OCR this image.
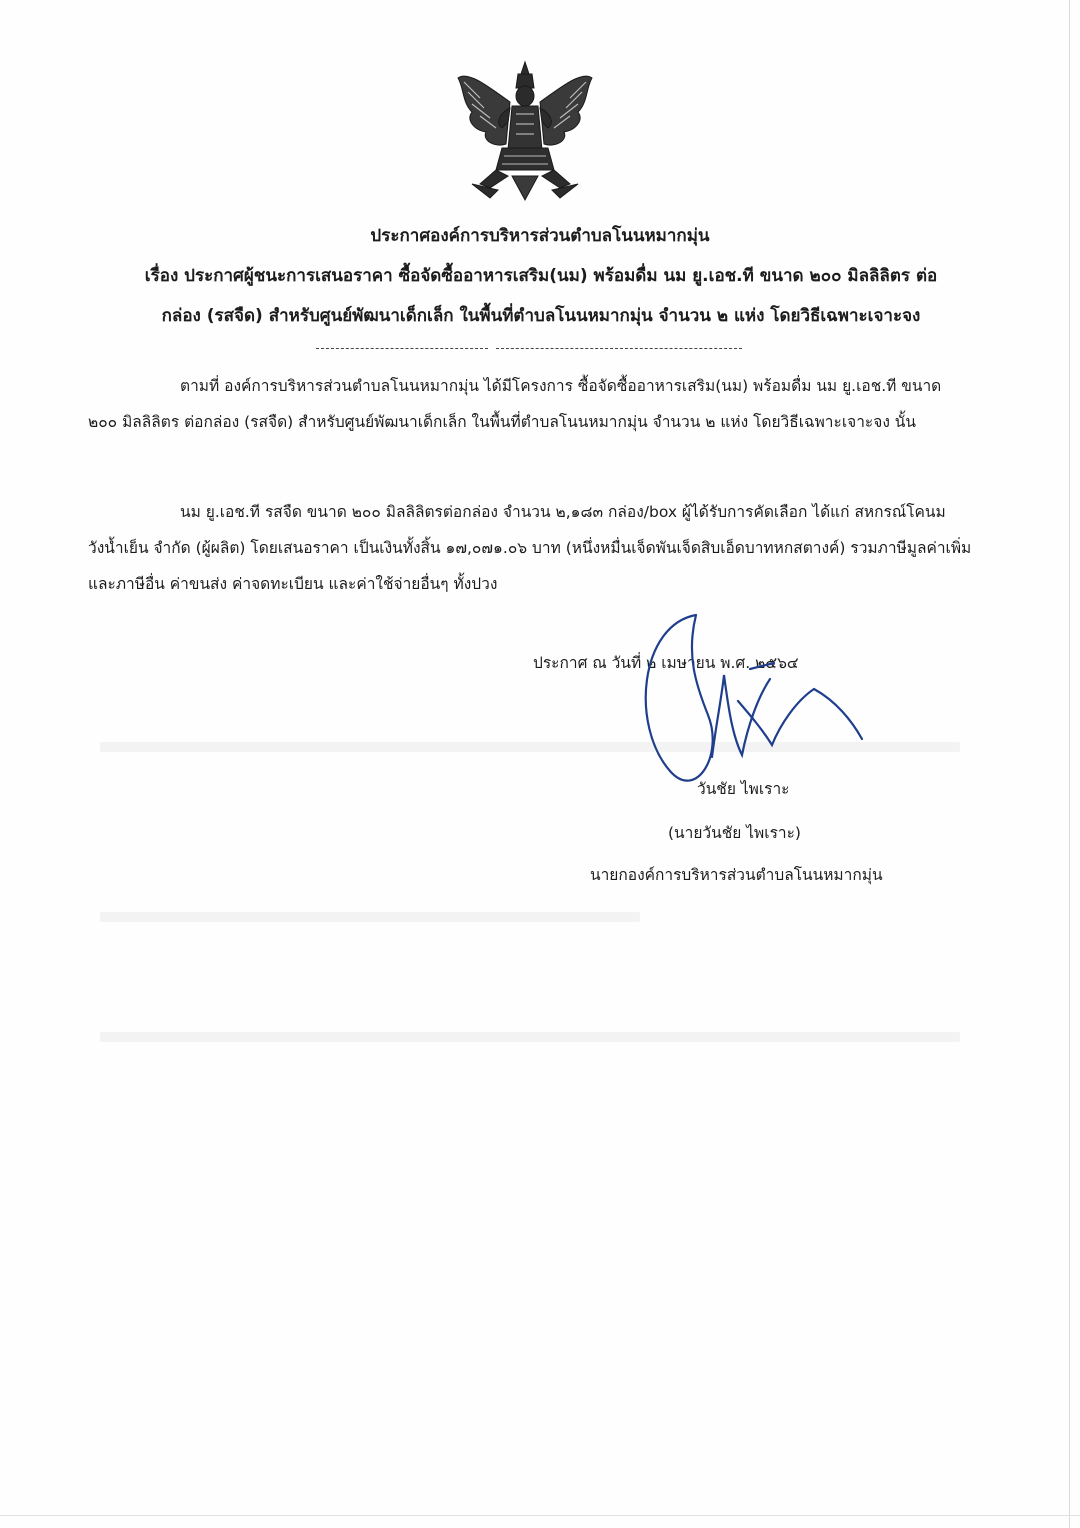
ประกาศองค์การบริหารส่วนตำบลโนนหมากมุ่น
เรื่อง ประกาศผู้ชนะการเสนอราคา ซื้อจัดซื้ออาหารเสริม(นม) พร้อมดื่ม นม ยู.เอช.ที ขนาด ๒๐๐ มิลลิลิตร ต่อ
กล่อง (รสจืด) สำหรับศูนย์พัฒนาเด็กเล็ก ในพื้นที่ตำบลโนนหมากมุ่น จำนวน ๒ แห่ง โดยวิธีเฉพาะเจาะจง
ตามที่ องค์การบริหารส่วนตำบลโนนหมากมุ่น ได้มีโครงการ ซื้อจัดซื้ออาหารเสริม(นม) พร้อมดื่ม นม ยู.เอช.ที ขนาด ๒๐๐ มิลลิลิตร ต่อกล่อง (รสจืด) สำหรับศูนย์พัฒนาเด็กเล็ก ในพื้นที่ตำบลโนนหมากมุ่น จำนวน ๒ แห่ง โดยวิธีเฉพาะเจาะจง นั้น
นม ยู.เอช.ที รสจืด ขนาด ๒๐๐ มิลลิลิตรต่อกล่อง จำนวน ๒,๑๘๓ กล่อง/box ผู้ได้รับการคัดเลือก ได้แก่ สหกรณ์โคนมวังน้ำเย็น จำกัด (ผู้ผลิต) โดยเสนอราคา เป็นเงินทั้งสิ้น ๑๗,๐๗๑.๐๖ บาท (หนึ่งหมื่นเจ็ดพันเจ็ดสิบเอ็ดบาทหกสตางค์) รวมภาษีมูลค่าเพิ่มและภาษีอื่น ค่าขนส่ง ค่าจดทะเบียน และค่าใช้จ่ายอื่นๆ ทั้งปวง
ประกาศ ณ วันที่ ๒ เมษายน พ.ศ. ๒๕๖๔
วันชัย ไพเราะ
(นายวันชัย ไพเราะ)
นายกองค์การบริหารส่วนตำบลโนนหมากมุ่น
